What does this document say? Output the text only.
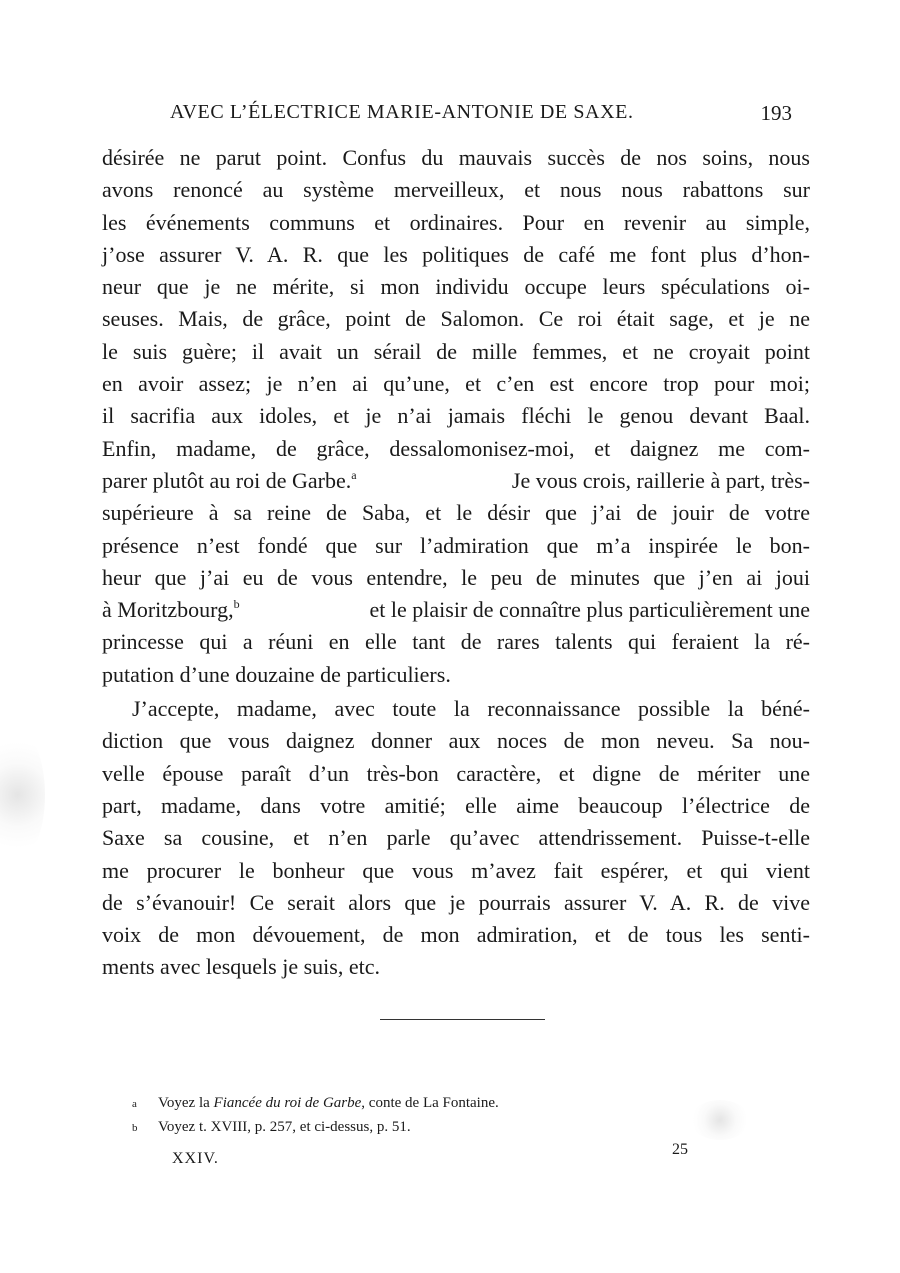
AVEC L’ÉLECTRICE MARIE-ANTONIE DE SAXE.	193
désirée ne parut point. Confus du mauvais succès de nos soins, nous
avons renoncé au système merveilleux, et nous nous rabattons sur
les événements communs et ordinaires. Pour en revenir au simple,
j’ose assurer V. A. R. que les politiques de café me font plus d’hon-
neur que je ne mérite, si mon individu occupe leurs spéculations oi-
seuses. Mais, de grâce, point de Salomon. Ce roi était sage, et je ne
le suis guère; il avait un sérail de mille femmes, et ne croyait point
en avoir assez; je n’en ai qu’une, et c’en est encore trop pour moi;
il sacrifia aux idoles, et je n’ai jamais fléchi le genou devant Baal.
Enfin, madame, de grâce, dessalomonisez-moi, et daignez me com-
parer plutôt au roi de Garbe.$^a$	Je vous crois, raillerie à part, très-
supérieure à sa reine de Saba, et le désir que j’ai de jouir de votre
présence n’est fondé que sur l’admiration que m’a inspirée le bon-
heur que j’ai eu de vous entendre, le peu de minutes que j’en ai joui
à Moritzbourg,$^b$	et le plaisir de connaître plus particulièrement une
princesse qui a réuni en elle tant de rares talents qui feraient la ré-
putation d’une douzaine de particuliers.
J’accepte, madame, avec toute la reconnaissance possible la béné-
diction que vous daignez donner aux noces de mon neveu. Sa nou-
velle épouse paraît d’un très-bon caractère, et digne de mériter une
part, madame, dans votre amitié; elle aime beaucoup l’électrice de
Saxe sa cousine, et n’en parle qu’avec attendrissement. Puisse-t-elle
me procurer le bonheur que vous m’avez fait espérer, et qui vient
de s’évanouir! Ce serait alors que je pourrais assurer V. A. R. de vive
voix de mon dévouement, de mon admiration, et de tous les senti-
ments avec lesquels je suis, etc.
a Voyez la Fiancée du roi de Garbe, conte de La Fontaine.
b Voyez t. XVIII, p. 257, et ci-dessus, p. 51.
XXIV.
25
